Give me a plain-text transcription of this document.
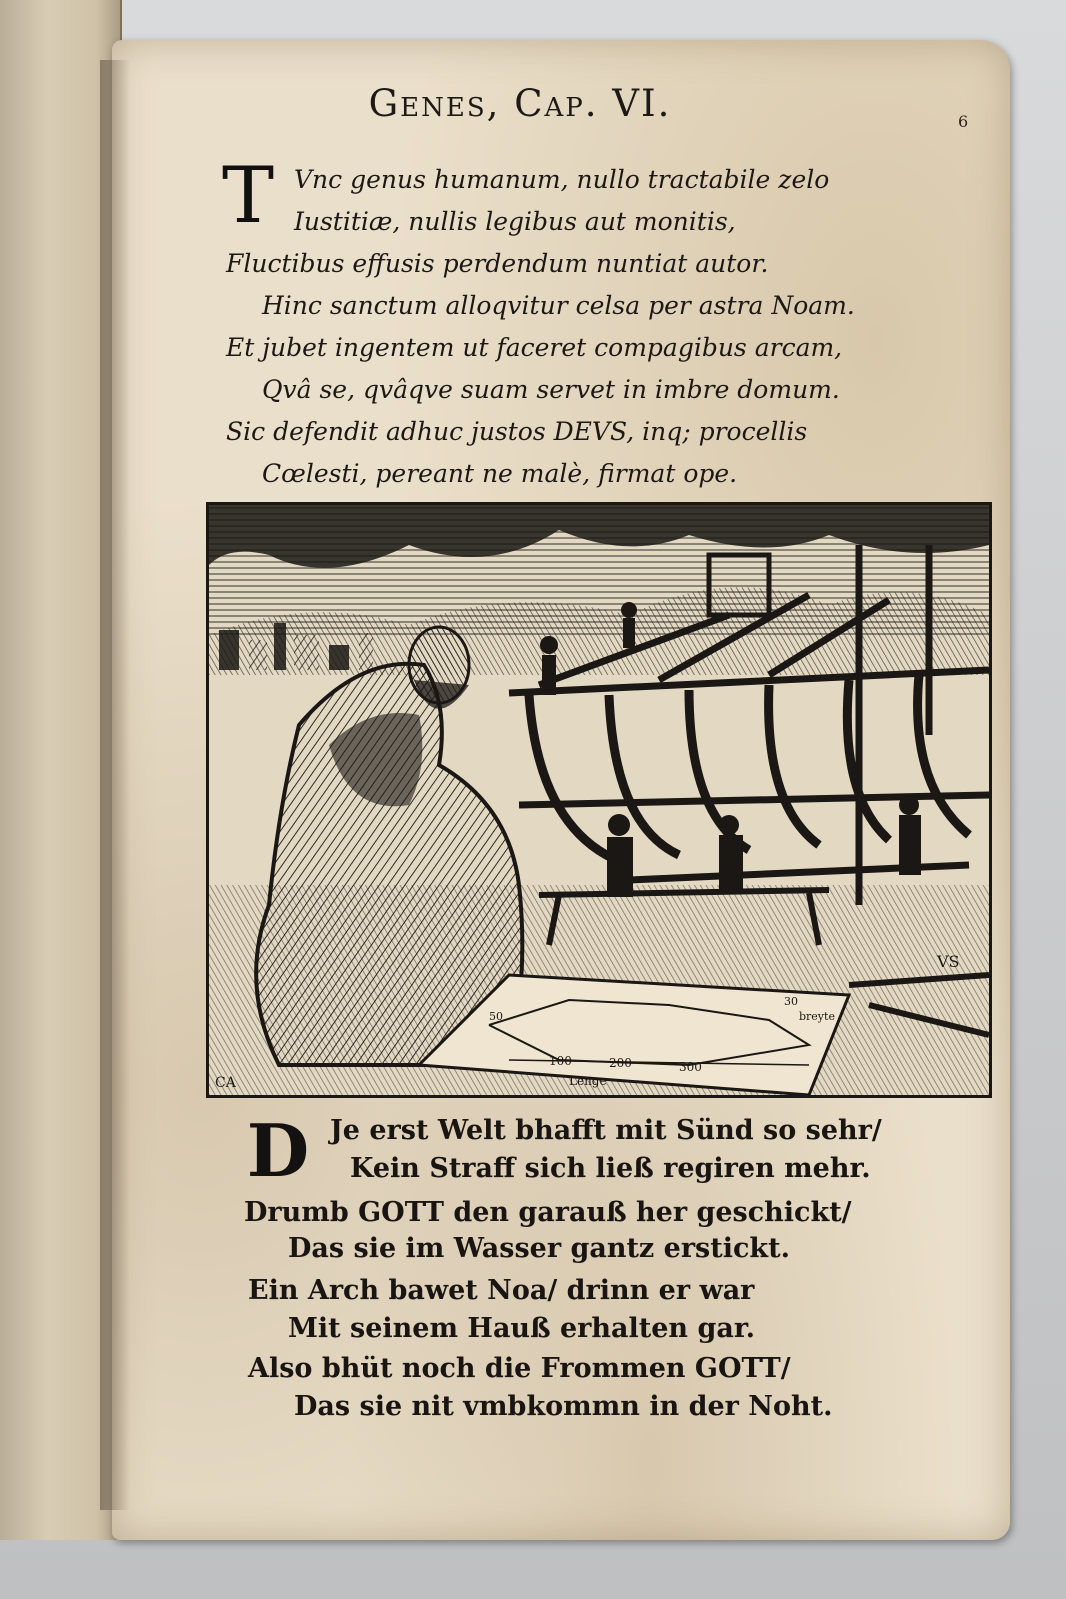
Genes, Cap. VI.	6
T Vnc genus humanum, nullo tractabile zelo
Iustitiæ, nullis legibus aut monitis,
Fluctibus effusis perdendum nuntiat autor.
Hinc sanctum alloqvitur celsa per astra Noam.
Et jubet ingentem ut faceret compagibus arcam,
Qvâ se, qvâqve suam servet in imbre domum.
Sic defendit adhuc justos DEVS, inq; procellis
Cœlesti, pereant ne malè, firmat ope.
100	200	300
Lenge
30
breyte
50
VS
CA
D Je erst Welt bhafft mit Sünd so sehr/
Kein Straff sich ließ regiren mehr.
Drumb GOTT den garauß her geschickt/
Das sie im Wasser gantz erstickt.
Ein Arch bawet Noa/ drinn er war
Mit seinem Hauß erhalten gar.
Also bhüt noch die Frommen GOTT/
Das sie nit vmbkommn in der Noht.
